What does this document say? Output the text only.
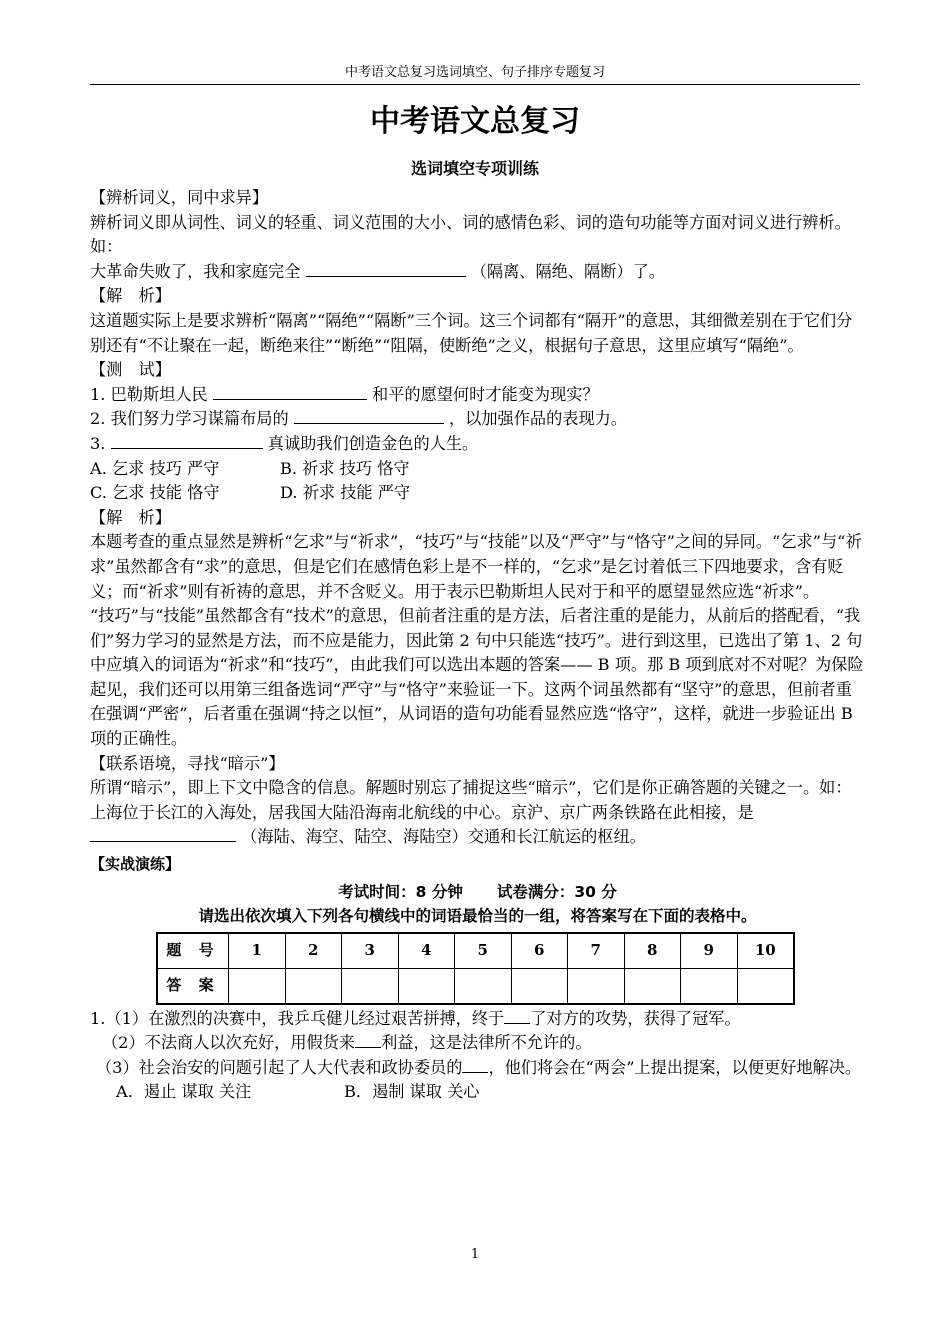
中考语文总复习选词填空、句子排序专题复习
中考语文总复习
选词填空专项训练

【辨析词义，同中求异】

辨析词义即从词性、词义的轻重、词义范围的大小、词的感情色彩、词的造句功能等方面对词义进行辨析。如：

大革命失败了，我和家庭完全	（隔离、隔绝、隔断）了。

【解　析】

这道题实际上是要求辨析“隔离”“隔绝”“隔断”三个词。这三个词都有“隔开”的意思，其细微差别在于它们分别还有“不让聚在一起，断绝来往”“断绝”“阻隔，使断绝”之义，根据句子意思，这里应填写“隔绝”。

【测　试】

1. 巴勒斯坦人民	和平的愿望何时才能变为现实？

2. 我们努力学习谋篇布局的	，以加强作品的表现力。

3.	真诚助我们创造金色的人生。

A. 乞求 技巧 严守	B. 祈求 技巧 恪守

C. 乞求 技能 恪守	D. 祈求 技能 严守

【解　析】

本题考查的重点显然是辨析“乞求”与“祈求”，“技巧”与“技能”以及“严守”与“恪守”之间的异同。“乞求”与“祈求”虽然都含有“求”的意思，但是它们在感情色彩上是不一样的，“乞求”是乞讨着低三下四地要求，含有贬义；而“祈求”则有祈祷的意思，并不含贬义。用于表示巴勒斯坦人民对于和平的愿望显然应选“祈求”。

“技巧”与“技能”虽然都含有“技术”的意思，但前者注重的是方法，后者注重的是能力，从前后的搭配看，“我们”努力学习的显然是方法，而不应是能力，因此第 2 句中只能选“技巧”。进行到这里，已选出了第 1、2 句中应填入的词语为“祈求”和“技巧”，由此我们可以选出本题的答案—— B 项。那 B 项到底对不对呢？为保险起见，我们还可以用第三组备选词“严守”与“恪守”来验证一下。这两个词虽然都有“坚守”的意思，但前者重在强调“严密”，后者重在强调“持之以恒”，从词语的造句功能看显然应选“恪守”，这样，就进一步验证出 B 项的正确性。

【联系语境，寻找“暗示”】

所谓“暗示”，即上下文中隐含的信息。解题时别忘了捕捉这些“暗示”，它们是你正确答题的关键之一。如：

上海位于长江的入海处，居我国大陆沿海南北航线的中心。京沪、京广两条铁路在此相接，是 （海陆、海空、陆空、海陆空）交通和长江航运的枢纽。

【实战演练】

考试时间：8 分钟 试卷满分：30 分

请选出依次填入下列各句横线中的词语最恰当的一组，将答案写在下面的表格中。

题 号	1	2	3	4	5	6	7	8	9	10
答 案										

1.（1）在激烈的决赛中，我乒乓健儿经过艰苦拼搏，终于 了对方的攻势，获得了冠军。

（2）不法商人以次充好，用假货来 利益，这是法律所不允许的。

（3）社会治安的问题引起了人大代表和政协委员的 ，他们将会在“两会”上提出提案，以便更好地解决。

A．遏止 谋取 关注	B．遏制 谋取 关心

1
